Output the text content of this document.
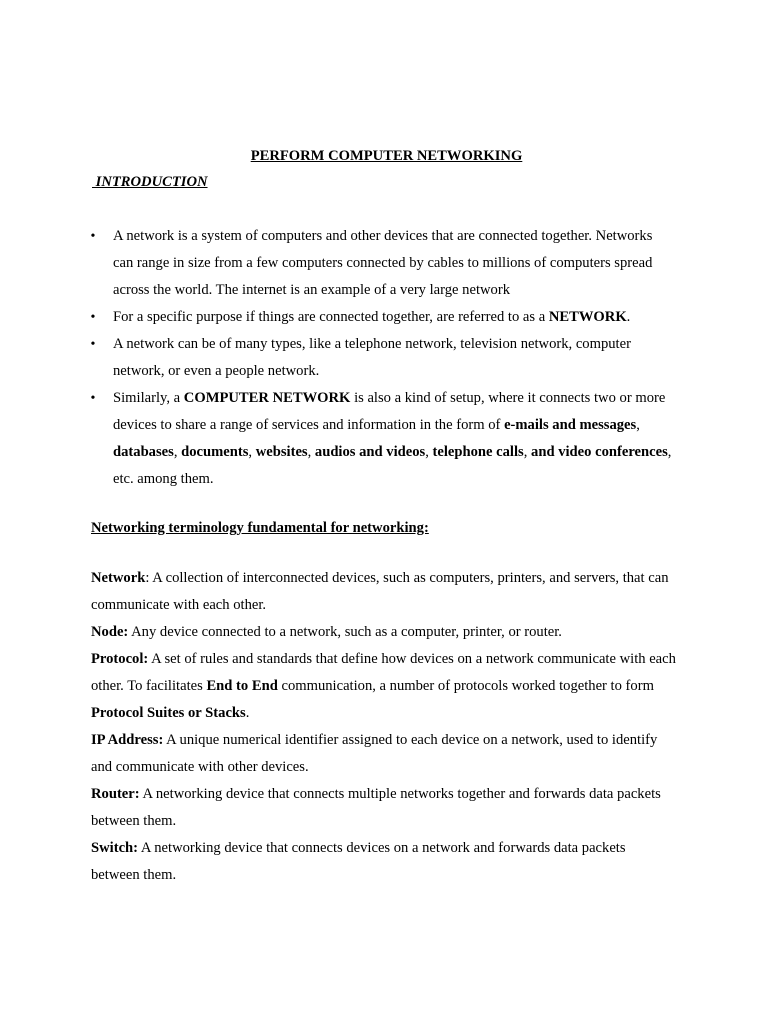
PERFORM COMPUTER NETWORKING
INTRODUCTION
• A network is a system of computers and other devices that are connected together. Networks can range in size from a few computers connected by cables to millions of computers spread across the world. The internet is an example of a very large network
• For a specific purpose if things are connected together, are referred to as a NETWORK.
• A network can be of many types, like a telephone network, television network, computer network, or even a people network.
• Similarly, a COMPUTER NETWORK is also a kind of setup, where it connects two or more devices to share a range of services and information in the form of e-mails and messages, databases, documents, websites, audios and videos, telephone calls, and video conferences, etc. among them.
Networking terminology fundamental for networking:

Network: A collection of interconnected devices, such as computers, printers, and servers, that can communicate with each other.

Node: Any device connected to a network, such as a computer, printer, or router.

Protocol: A set of rules and standards that define how devices on a network communicate with each other. To facilitates End to End communication, a number of protocols worked together to form Protocol Suites or Stacks.

IP Address: A unique numerical identifier assigned to each device on a network, used to identify and communicate with other devices.

Router: A networking device that connects multiple networks together and forwards data packets between them.

Switch: A networking device that connects devices on a network and forwards data packets between them.
